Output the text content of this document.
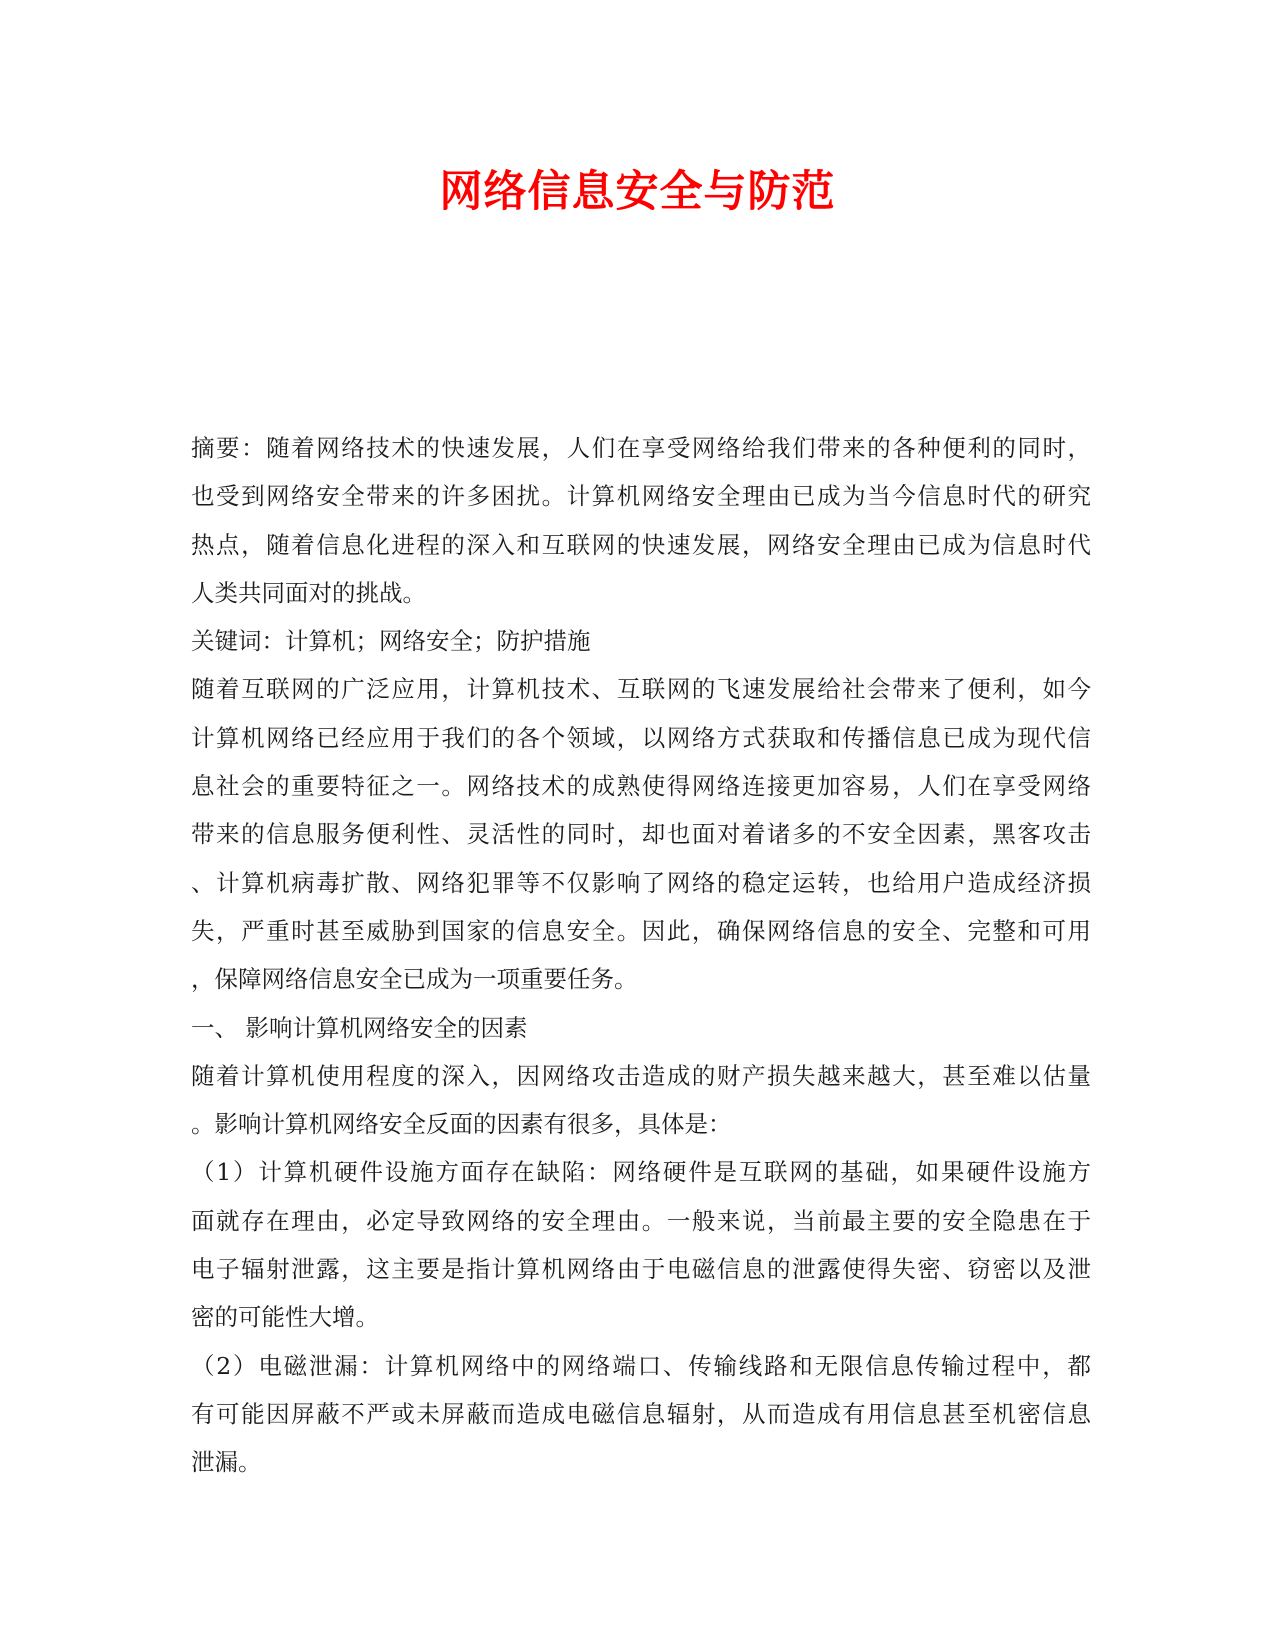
网络信息安全与防范
摘要：随着网络技术的快速发展，人们在享受网络给我们带来的各种便利的同时，
也受到网络安全带来的许多困扰。计算机网络安全理由已成为当今信息时代的研究
热点，随着信息化进程的深入和互联网的快速发展，网络安全理由已成为信息时代
人类共同面对的挑战。
关键词：计算机；网络安全；防护措施
随着互联网的广泛应用，计算机技术、互联网的飞速发展给社会带来了便利，如今
计算机网络已经应用于我们的各个领域，以网络方式获取和传播信息已成为现代信
息社会的重要特征之一。网络技术的成熟使得网络连接更加容易，人们在享受网络
带来的信息服务便利性、灵活性的同时，却也面对着诸多的不安全因素，黑客攻击
、计算机病毒扩散、网络犯罪等不仅影响了网络的稳定运转，也给用户造成经济损
失，严重时甚至威胁到国家的信息安全。因此，确保网络信息的安全、完整和可用
，保障网络信息安全已成为一项重要任务。
一、 影响计算机网络安全的因素
随着计算机使用程度的深入，因网络攻击造成的财产损失越来越大，甚至难以估量
。影响计算机网络安全反面的因素有很多，具体是：
（1）计算机硬件设施方面存在缺陷：网络硬件是互联网的基础，如果硬件设施方
面就存在理由，必定导致网络的安全理由。一般来说，当前最主要的安全隐患在于
电子辐射泄露，这主要是指计算机网络由于电磁信息的泄露使得失密、窃密以及泄
密的可能性大增。
（2）电磁泄漏：计算机网络中的网络端口、传输线路和无限信息传输过程中，都
有可能因屏蔽不严或未屏蔽而造成电磁信息辐射，从而造成有用信息甚至机密信息
泄漏。
